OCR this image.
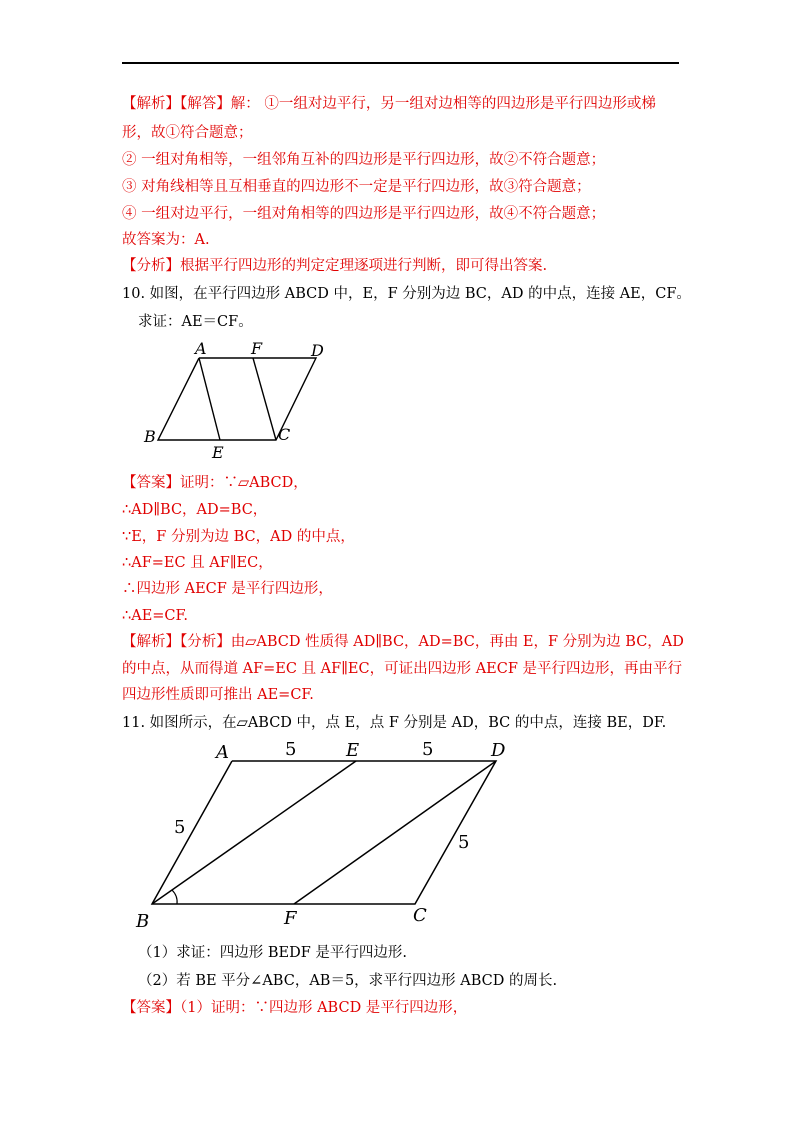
【解析】【解答】解： ①一组对边平行，另一组对边相等的四边形是平行四边形或梯
形，故①符合题意；
② 一组对角相等，一组邻角互补的四边形是平行四边形，故②不符合题意；
③ 对角线相等且互相垂直的四边形不一定是平行四边形，故③符合题意；
④ 一组对边平行，一组对角相等的四边形是平行四边形，故④不符合题意；
故答案为：A.
【分析】根据平行四边形的判定定理逐项进行判断，即可得出答案.
10. 如图，在平行四边形 ABCD 中，E，F 分别为边 BC，AD 的中点，连接 AE，CF。
求证：AE＝CF。
A	F	D
B
E
C
【答案】证明：∵▱ABCD，
∴AD∥BC，AD=BC，
∵E，F 分别为边 BC，AD 的中点，
∴AF=EC 且 AF∥EC，
∴四边形 AECF 是平行四边形，
∴AE=CF.
【解析】【分析】由▱ABCD 性质得 AD∥BC，AD=BC，再由 E，F 分别为边 BC，AD
的中点，从而得道 AF=EC 且 AF∥EC，可证出四边形 AECF 是平行四边形，再由平行
四边形性质即可推出 AE=CF.
11. 如图所示，在▱ABCD 中，点 E，点 F 分别是 AD，BC 的中点，连接 BE，DF.
A	E	D
B	F	C
5	5
5
5
（1）求证：四边形 BEDF 是平行四边形.
（2）若 BE 平分∠ABC，AB＝5，求平行四边形 ABCD 的周长.
【答案】（1）证明：∵四边形 ABCD 是平行四边形，
